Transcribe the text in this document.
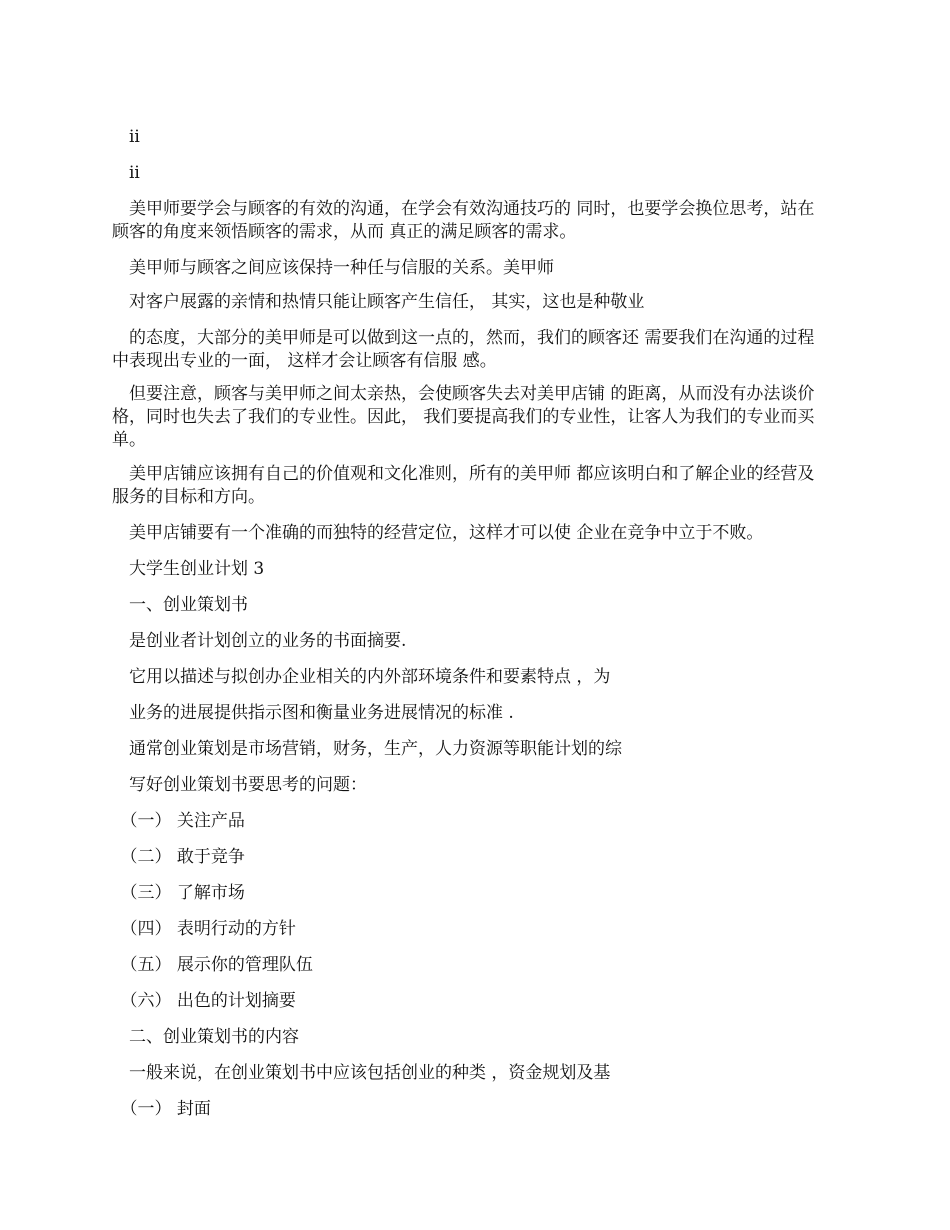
　ii

　ii

　美甲师要学会与顾客的有效的沟通，在学会有效沟通技巧的 同时，也要学会换位思考，站在顾客的角度来领悟顾客的需求，从而 真正的满足顾客的需求。

　美甲师与顾客之间应该保持一种任与信服的关系。美甲师

　对客户展露的亲情和热情只能让顾客产生信任， 其实，这也是种敬业

　的态度，大部分的美甲师是可以做到这一点的，然而，我们的顾客还 需要我们在沟通的过程中表现出专业的一面， 这样才会让顾客有信服 感。

　但要注意，顾客与美甲师之间太亲热，会使顾客失去对美甲店铺 的距离，从而没有办法谈价格，同时也失去了我们的专业性。因此， 我们要提高我们的专业性，让客人为我们的专业而买单。

　美甲店铺应该拥有自己的价值观和文化准则，所有的美甲师 都应该明白和了解企业的经营及服务的目标和方向。

　美甲店铺要有一个准确的而独特的经营定位，这样才可以使 企业在竞争中立于不败。

　大学生创业计划 3

　一、创业策划书

　是创业者计划创立的业务的书面摘要.

　它用以描述与拟创办企业相关的内外部环境条件和要素特点 ，为

　业务的进展提供指示图和衡量业务进展情况的标准 .

　通常创业策划是市场营销，财务，生产，人力资源等职能计划的综

　写好创业策划书要思考的问题：

　（一） 关注产品

　（二） 敢于竞争

　（三） 了解市场

　（四） 表明行动的方针

　（五） 展示你的管理队伍

　（六） 出色的计划摘要

　二、创业策划书的内容

　一般来说，在创业策划书中应该包括创业的种类 ，资金规划及基

　（一） 封面
